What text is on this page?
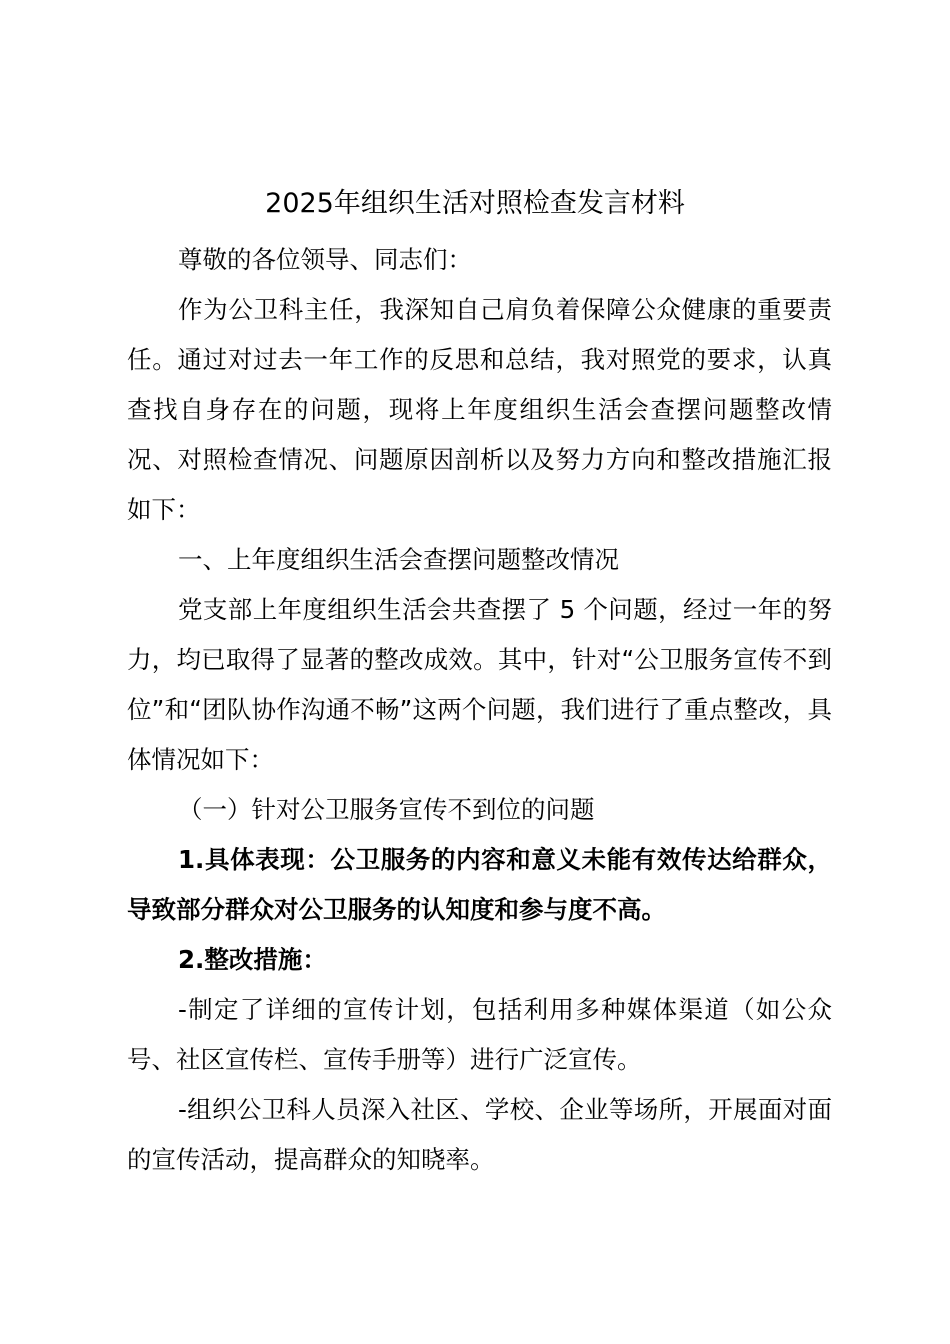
2025年组织生活对照检查发言材料

尊敬的各位领导、同志们：

作为公卫科主任，我深知自己肩负着保障公众健康的重要责任。通过对过去一年工作的反思和总结，我对照党的要求，认真查找自身存在的问题，现将上年度组织生活会查摆问题整改情况、对照检查情况、问题原因剖析以及努力方向和整改措施汇报如下：

一、上年度组织生活会查摆问题整改情况

党支部上年度组织生活会共查摆了 5 个问题，经过一年的努力，均已取得了显著的整改成效。其中，针对“公卫服务宣传不到位”和“团队协作沟通不畅”这两个问题，我们进行了重点整改，具体情况如下：

（一）针对公卫服务宣传不到位的问题

1.具体表现：公卫服务的内容和意义未能有效传达给群众，导致部分群众对公卫服务的认知度和参与度不高。

2.整改措施：

-制定了详细的宣传计划，包括利用多种媒体渠道（如公众号、社区宣传栏、宣传手册等）进行广泛宣传。

-组织公卫科人员深入社区、学校、企业等场所，开展面对面的宣传活动，提高群众的知晓率。
